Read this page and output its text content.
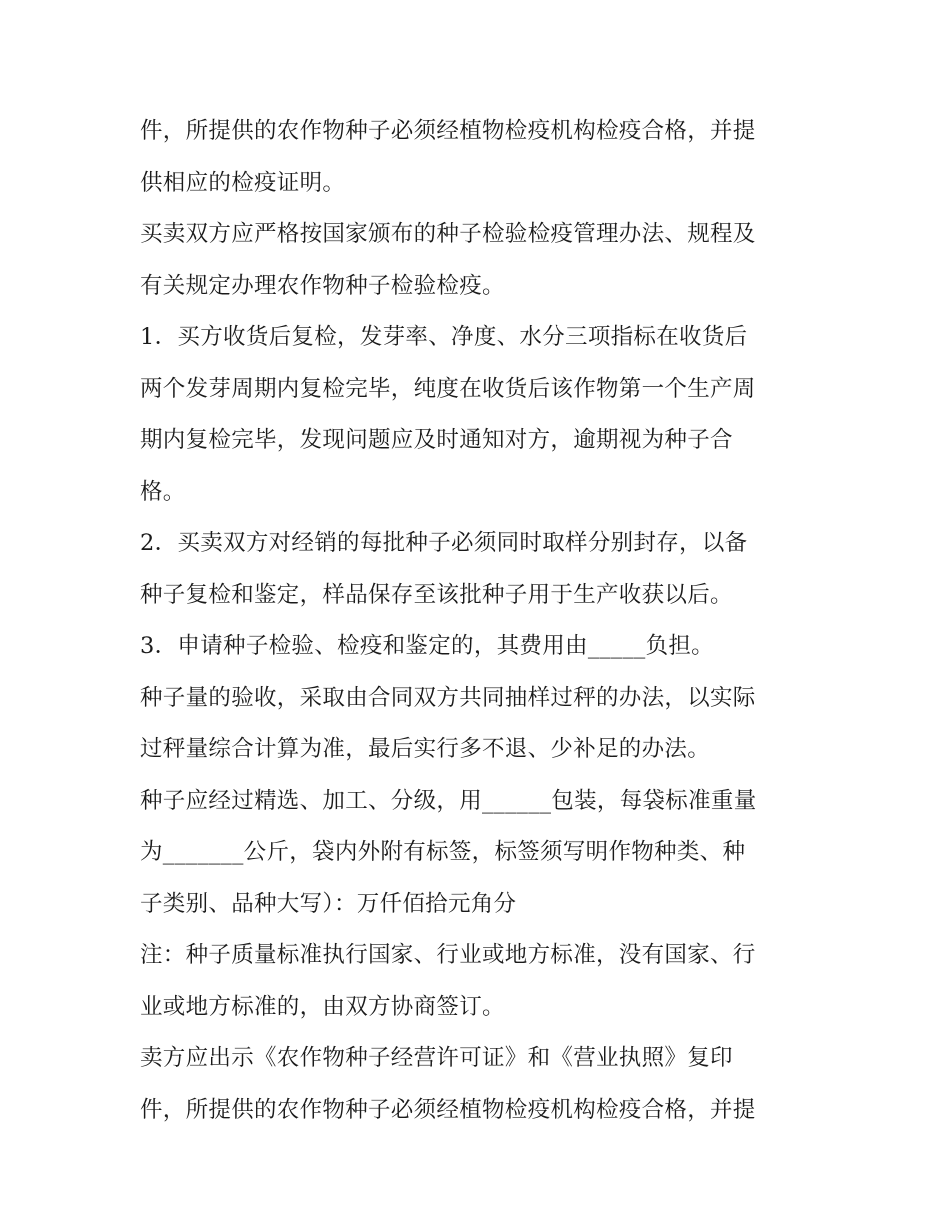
件，所提供的农作物种子必须经植物检疫机构检疫合格，并提
供相应的检疫证明。
买卖双方应严格按国家颁布的种子检验检疫管理办法、规程及
有关规定办理农作物种子检验检疫。
1．买方收货后复检，发芽率、净度、水分三项指标在收货后
两个发芽周期内复检完毕，纯度在收货后该作物第一个生产周
期内复检完毕，发现问题应及时通知对方，逾期视为种子合
格。
2．买卖双方对经销的每批种子必须同时取样分别封存，以备
种子复检和鉴定，样品保存至该批种子用于生产收获以后。
3．申请种子检验、检疫和鉴定的，其费用由_____负担。
种子量的验收，采取由合同双方共同抽样过秤的办法，以实际
过秤量综合计算为准，最后实行多不退、少补足的办法。
种子应经过精选、加工、分级，用______包装，每袋标准重量
为_______公斤，袋内外附有标签，标签须写明作物种类、种
子类别、品种大写）：万仟佰拾元角分
注：种子质量标准执行国家、行业或地方标准，没有国家、行
业或地方标准的，由双方协商签订。
卖方应出示《农作物种子经营许可证》和《营业执照》复印
件，所提供的农作物种子必须经植物检疫机构检疫合格，并提
